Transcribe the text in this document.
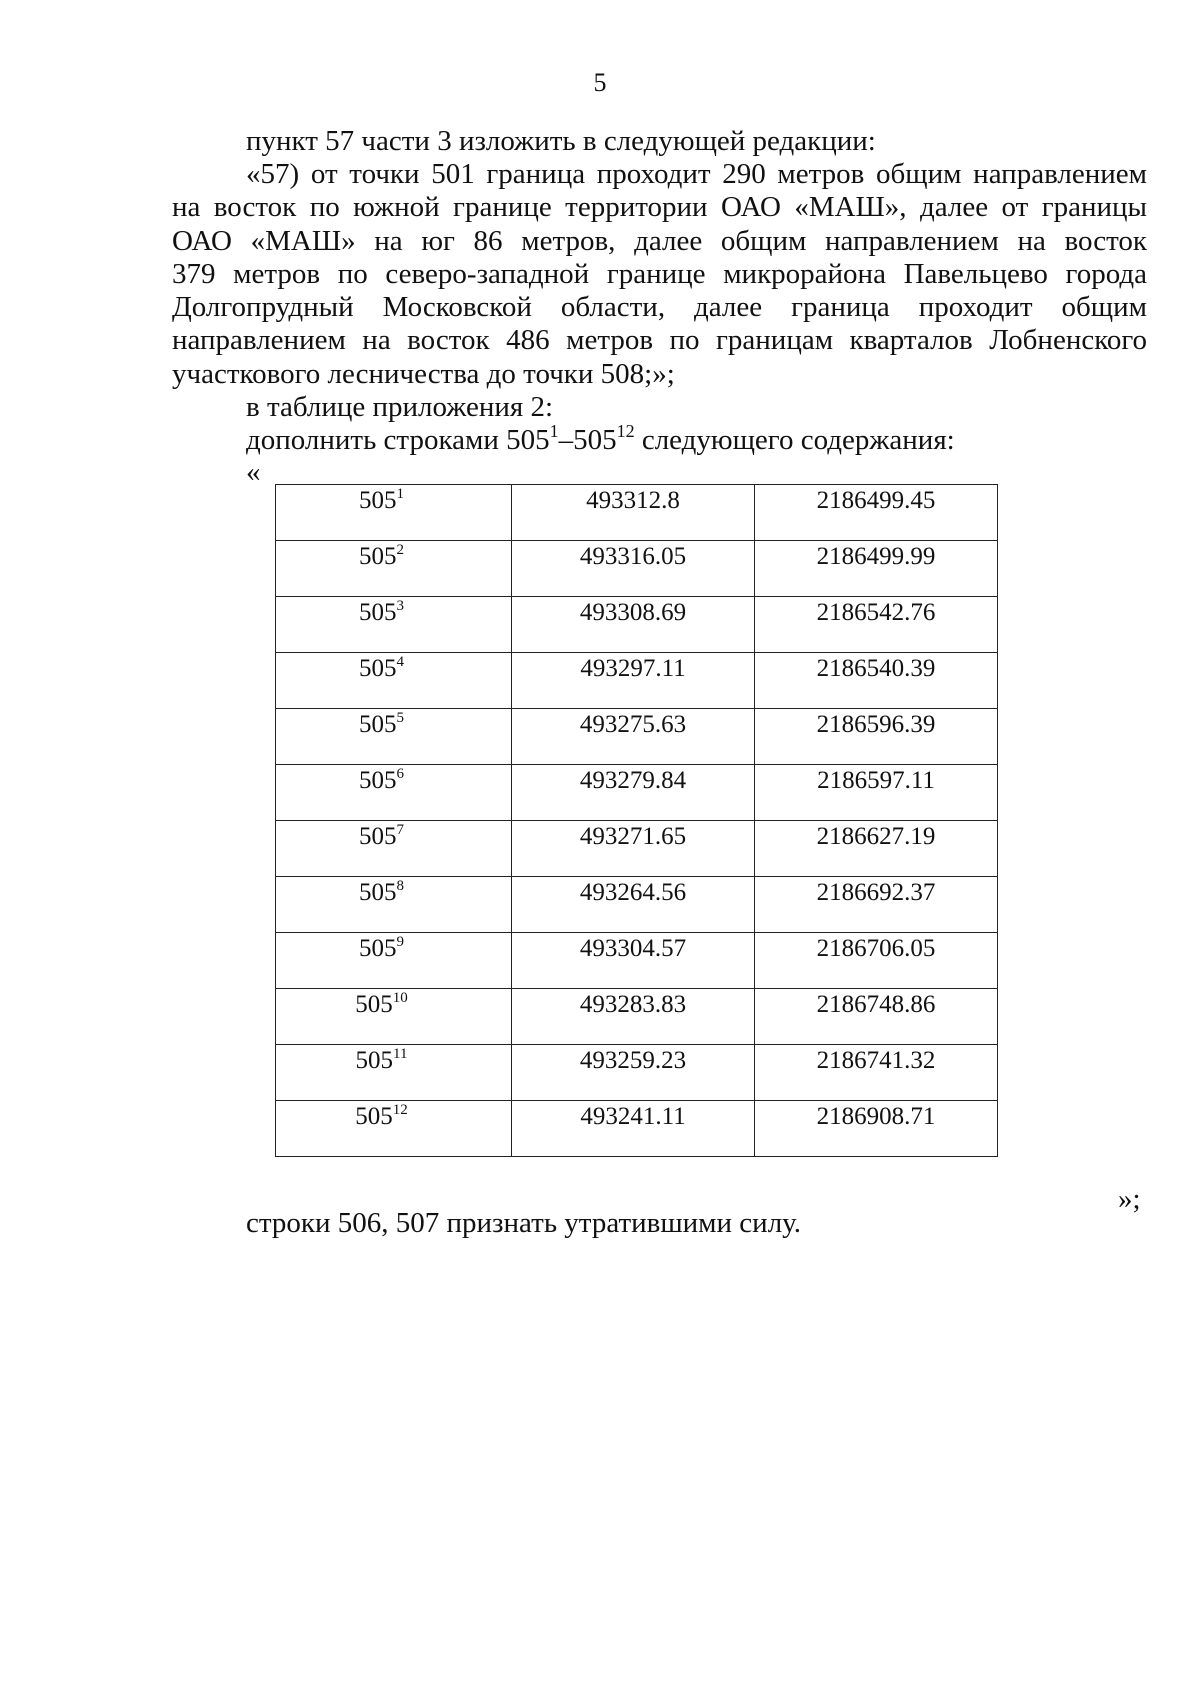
5
пункт 57 части 3 изложить в следующей редакции:
«57) от точки 501 граница проходит 290 метров общим направлением
на восток по южной границе территории ОАО «МАШ», далее от границы
ОАО «МАШ» на юг 86 метров, далее общим направлением на восток
379 метров по северо-западной границе микрорайона Павельцево города
Долгопрудный Московской области, далее граница проходит общим
направлением на восток 486 метров по границам кварталов Лобненского
участкового лесничества до точки 508;»;
в таблице приложения 2:
дополнить строками $505^1-505^{12}$ следующего содержания:
«
$505^1$	493312.8	2186499.45
$505^2$	493316.05	2186499.99
$505^3$	493308.69	2186542.76
$505^4$	493297.11	2186540.39
$505^5$	493275.63	2186596.39
$505^6$	493279.84	2186597.11
$505^7$	493271.65	2186627.19
$505^8$	493264.56	2186692.37
$505^9$	493304.57	2186706.05
$505^{10}$	493283.83	2186748.86
$505^{11}$	493259.23	2186741.32
$505^{12}$	493241.11	2186908.71
»;
строки 506, 507 признать утратившими силу.
